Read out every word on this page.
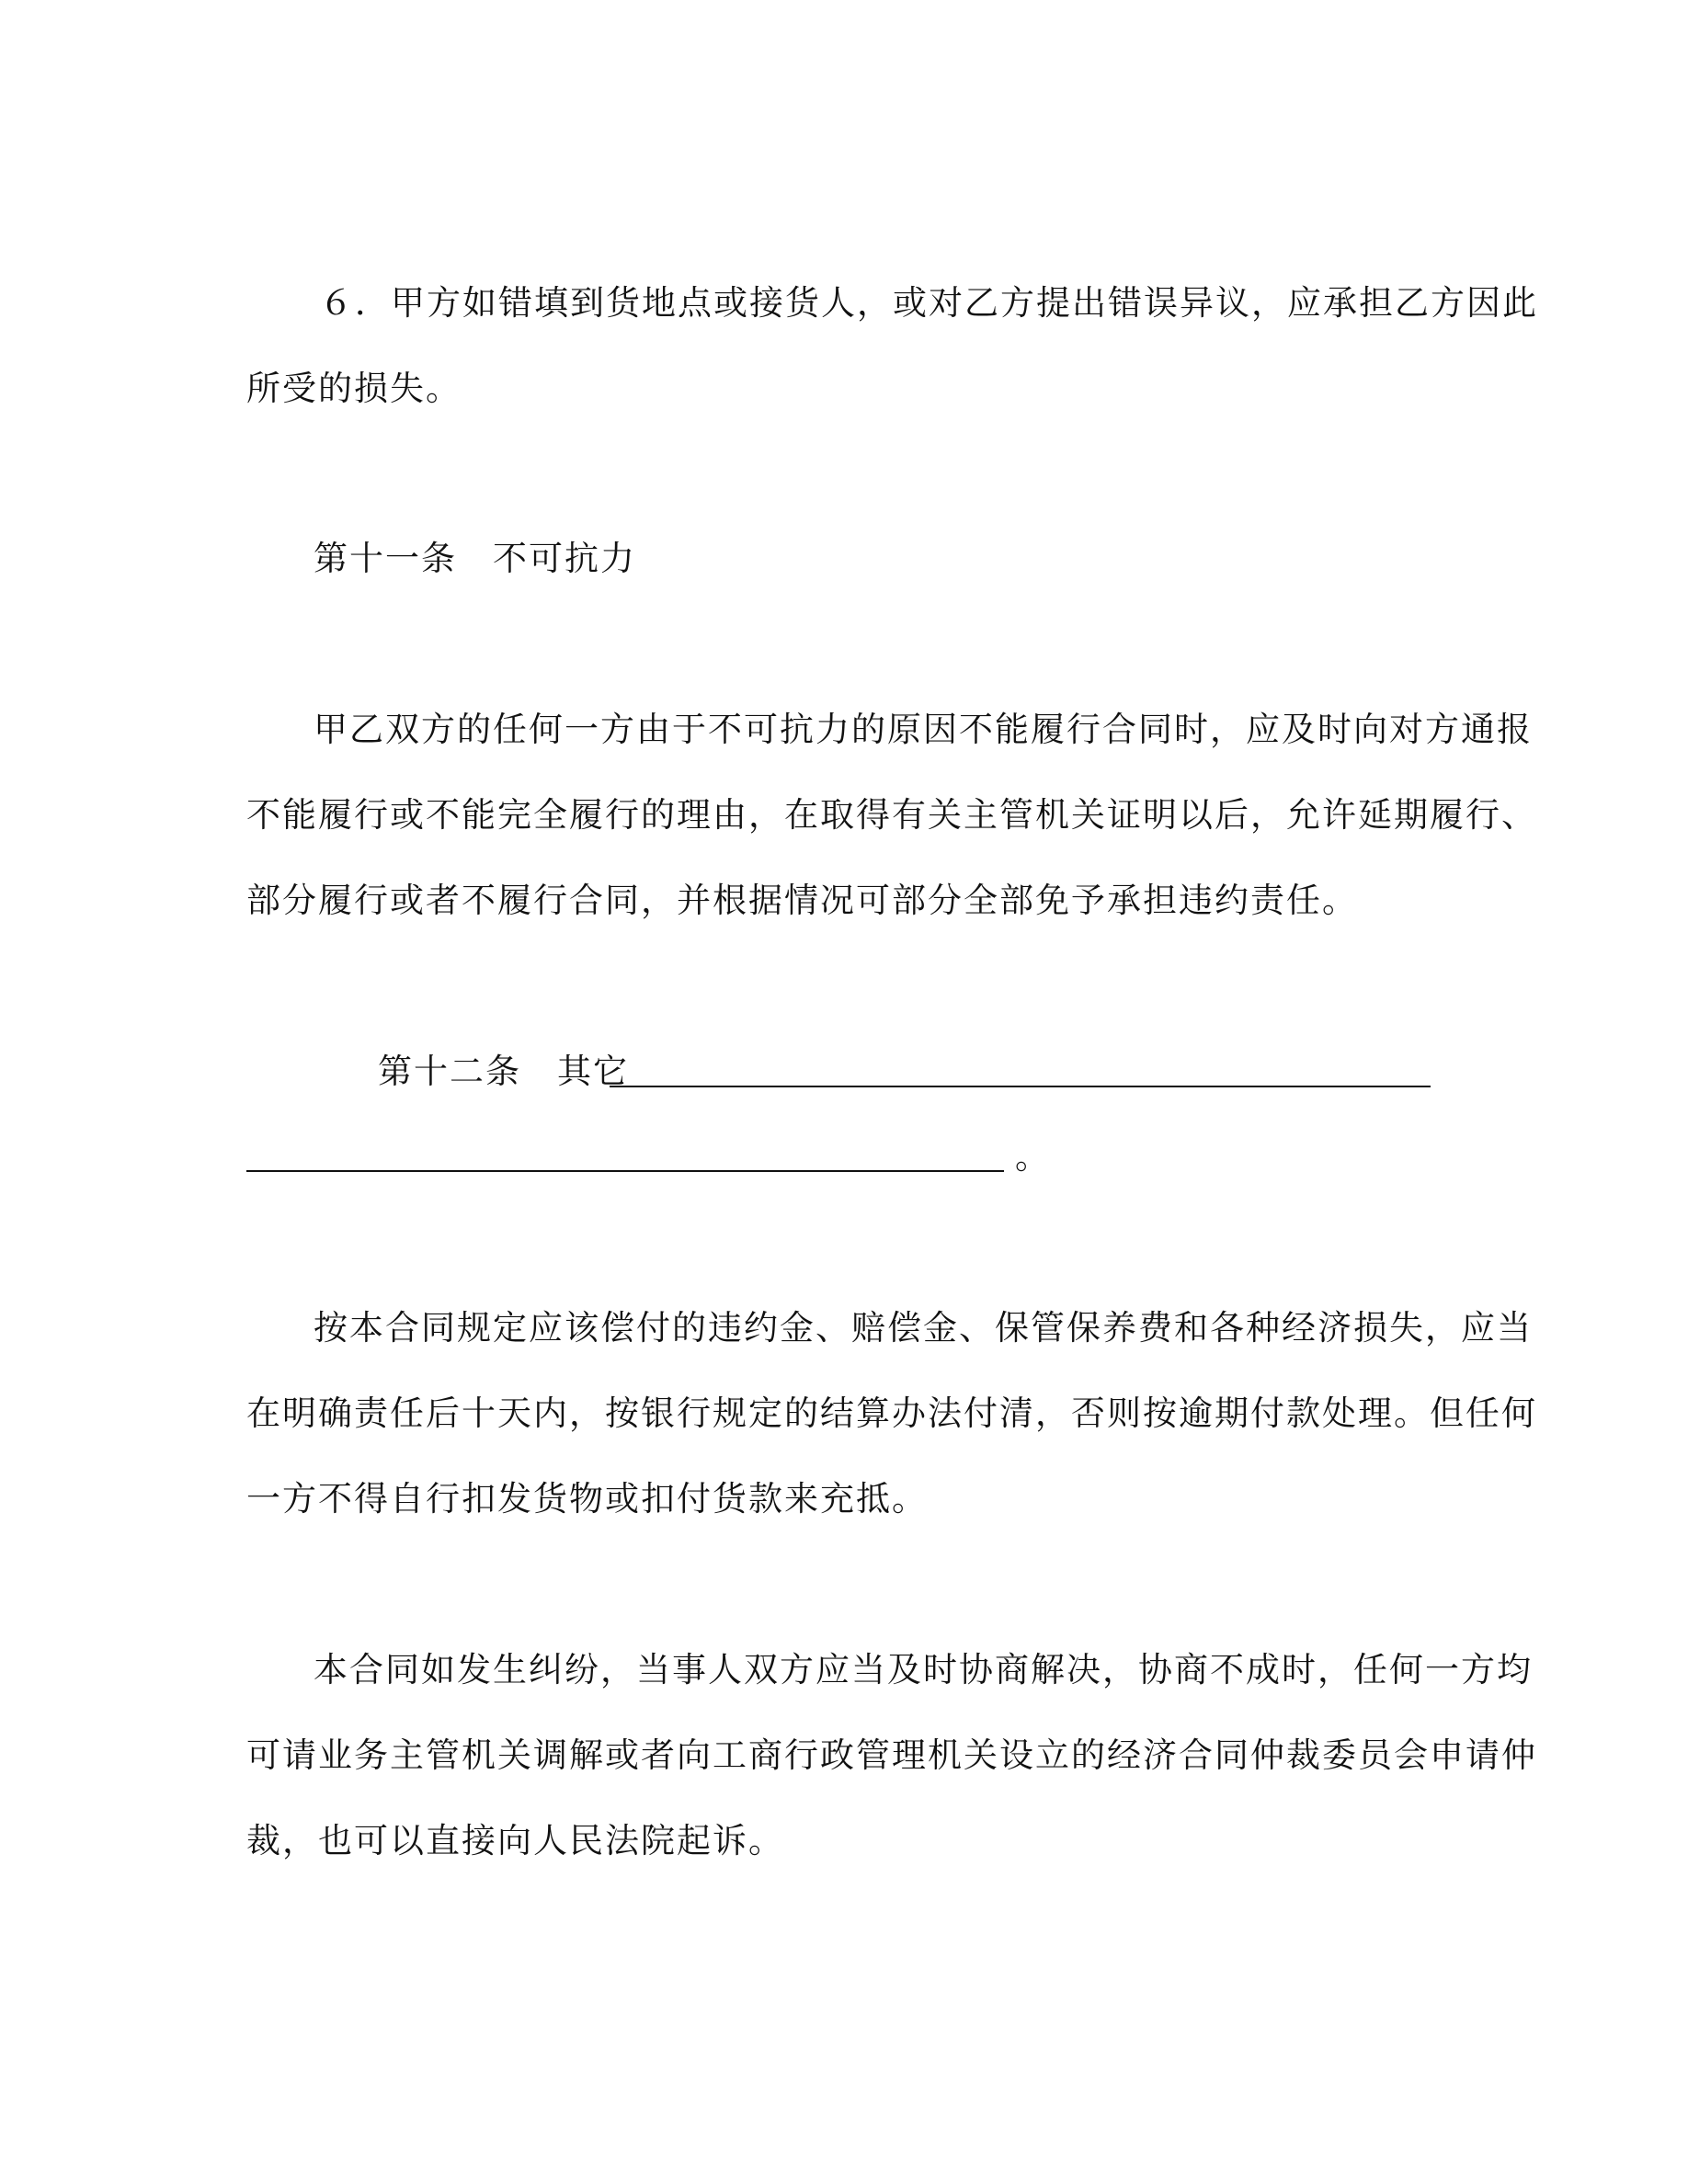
６．甲方如错填到货地点或接货人，或对乙方提出错误异议，应承担乙方因此
所受的损失。
第十一条　不可抗力
甲乙双方的任何一方由于不可抗力的原因不能履行合同时，应及时向对方通报
不能履行或不能完全履行的理由，在取得有关主管机关证明以后，允许延期履行、
部分履行或者不履行合同，并根据情况可部分全部免予承担违约责任。
第十二条　其它
。
按本合同规定应该偿付的违约金、赔偿金、保管保养费和各种经济损失，应当
在明确责任后十天内，按银行规定的结算办法付清，否则按逾期付款处理。但任何
一方不得自行扣发货物或扣付货款来充抵。
本合同如发生纠纷，当事人双方应当及时协商解决，协商不成时，任何一方均
可请业务主管机关调解或者向工商行政管理机关设立的经济合同仲裁委员会申请仲
裁，也可以直接向人民法院起诉。
